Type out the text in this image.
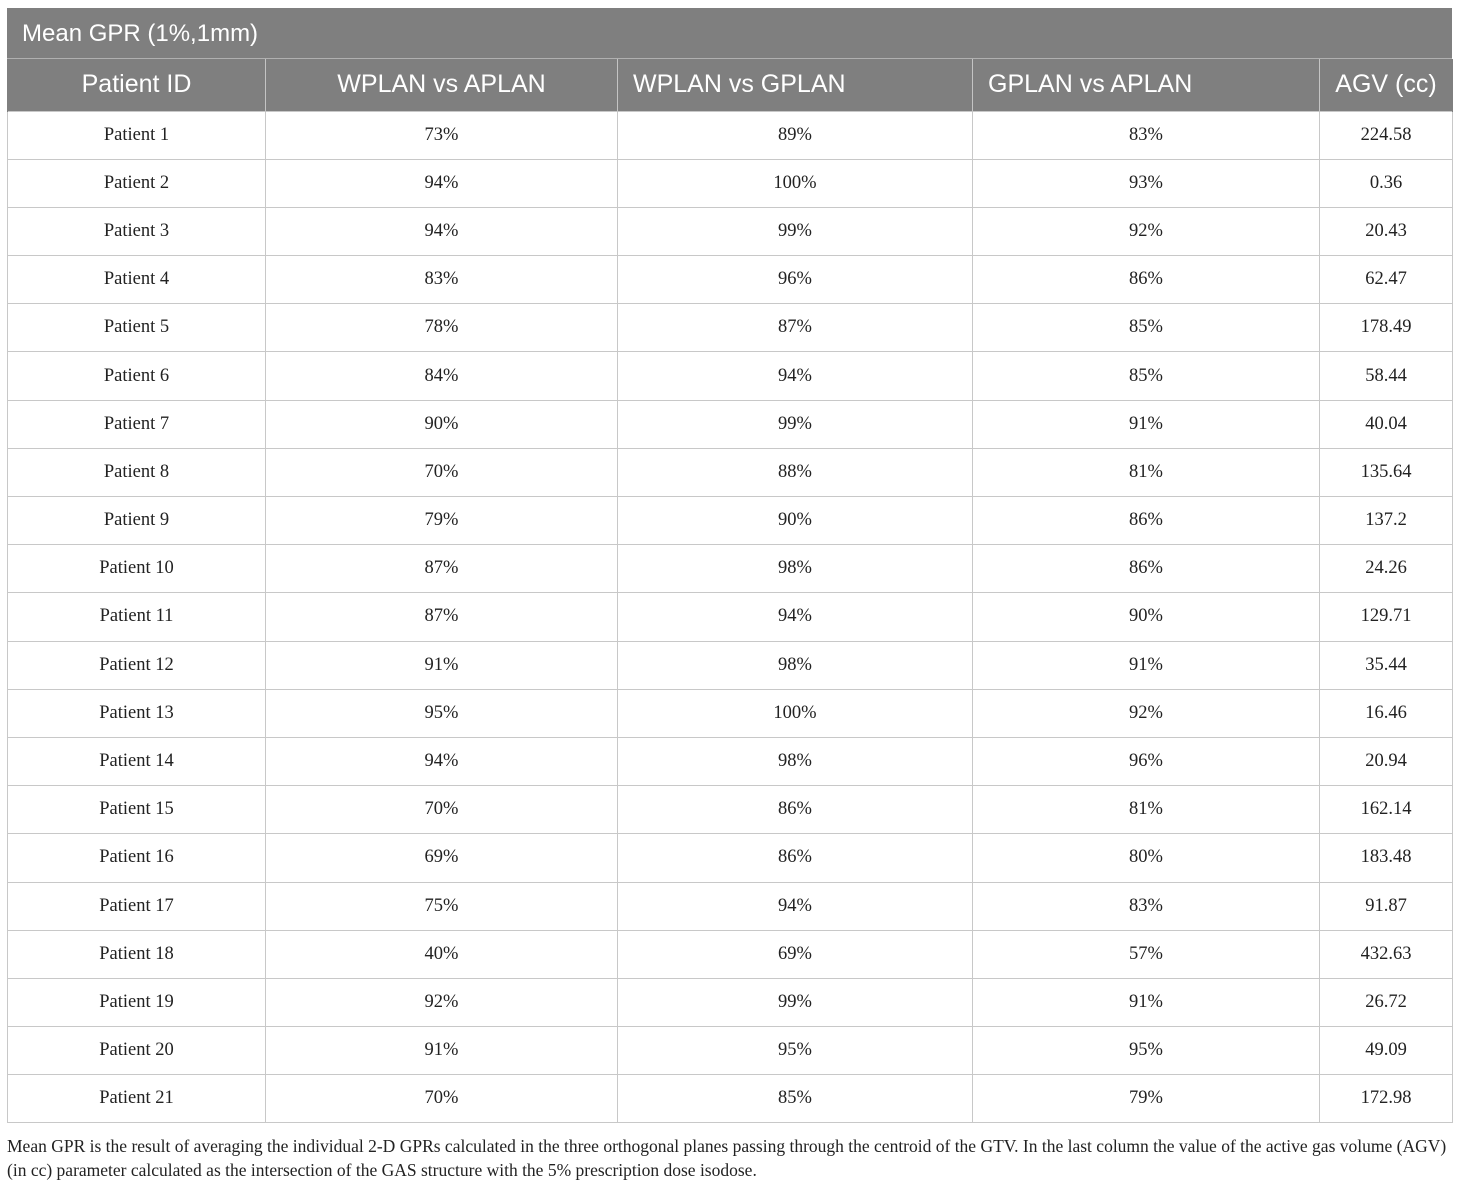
Mean GPR (1%,1mm)
Patient ID	WPLAN vs APLAN	WPLAN vs GPLAN	GPLAN vs APLAN	AGV (cc)
Patient 1	73%	89%	83%	224.58
Patient 2	94%	100%	93%	0.36
Patient 3	94%	99%	92%	20.43
Patient 4	83%	96%	86%	62.47
Patient 5	78%	87%	85%	178.49
Patient 6	84%	94%	85%	58.44
Patient 7	90%	99%	91%	40.04
Patient 8	70%	88%	81%	135.64
Patient 9	79%	90%	86%	137.2
Patient 10	87%	98%	86%	24.26
Patient 11	87%	94%	90%	129.71
Patient 12	91%	98%	91%	35.44
Patient 13	95%	100%	92%	16.46
Patient 14	94%	98%	96%	20.94
Patient 15	70%	86%	81%	162.14
Patient 16	69%	86%	80%	183.48
Patient 17	75%	94%	83%	91.87
Patient 18	40%	69%	57%	432.63
Patient 19	92%	99%	91%	26.72
Patient 20	91%	95%	95%	49.09
Patient 21	70%	85%	79%	172.98
Mean GPR is the result of averaging the individual 2-D GPRs calculated in the three orthogonal planes passing through the centroid of the GTV. In the last column the value of the active gas volume (AGV) (in cc) parameter calculated as the intersection of the GAS structure with the 5% prescription dose isodose.
